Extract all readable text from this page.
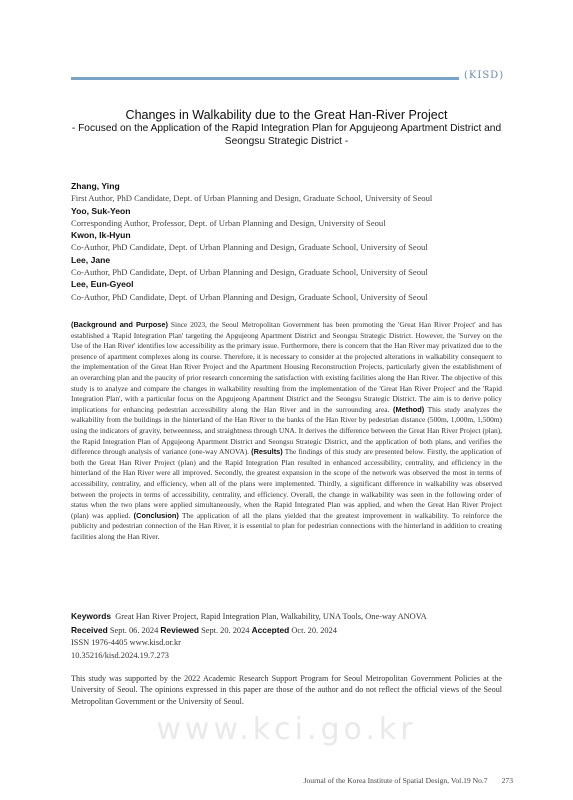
(KISD)
Changes in Walkability due to the Great Han-River Project
- Focused on the Application of the Rapid Integration Plan for Apgujeong Apartment District and Seongsu Strategic District -
Zhang, Ying
First Author, PhD Candidate, Dept. of Urban Planning and Design, Graduate School, University of Seoul
Yoo, Suk-Yeon
Corresponding Author, Professor, Dept. of Urban Planning and Design, University of Seoul
Kwon, Ik-Hyun
Co-Author, PhD Candidate, Dept. of Urban Planning and Design, Graduate School, University of Seoul
Lee, Jane
Co-Author, PhD Candidate, Dept. of Urban Planning and Design, Graduate School, University of Seoul
Lee, Eun-Gyeol
Co-Author, PhD Candidate, Dept. of Urban Planning and Design, Graduate School, University of Seoul
(Background and Purpose) Since 2023, the Seoul Metropolitan Government has been promoting the 'Great Han River Project' and has established a 'Rapid Integration Plan' targeting the Apgujeong Apartment District and Seongsu Strategic District. However, the 'Survey on the Use of the Han River' identifies low accessibility as the primary issue. Furthermore, there is concern that the Han River may privatized due to the presence of apartment complexes along its course. Therefore, it is necessary to consider at the projected alterations in walkability consequent to the implementation of the Great Han River Project and the Apartment Housing Reconstruction Projects, particularly given the establishment of an overarching plan and the paucity of prior research concerning the satisfaction with existing facilities along the Han River. The objective of this study is to analyze and compare the changes in walkability resulting from the implementation of the 'Great Han River Project' and the 'Rapid Integration Plan', with a particular focus on the Apgujeong Apartment District and the Seongsu Strategic District. The aim is to derive policy implications for enhancing pedestrian accessibility along the Han River and in the surrounding area. (Method) This study analyzes the walkability from the buildings in the hinterland of the Han River to the banks of the Han River by pedestrian distance (500m, 1,000m, 1,500m) using the indicators of gravity, betweenness, and straightness through UNA. It derives the difference between the Great Han River Project (plan), the Rapid Integration Plan of Apgujeong Apartment District and Seongsu Strategic District, and the application of both plans, and verifies the difference through analysis of variance (one-way ANOVA). (Results) The findings of this study are presented below. Firstly, the application of both the Great Han River Project (plan) and the Rapid Integration Plan resulted in enhanced accessibility, centrality, and efficiency in the hinterland of the Han River were all improved. Secondly, the greatest expansion in the scope of the network was observed the most in terms of accessibility, centrality, and efficiency, when all of the plans were implemented. Thirdly, a significant difference in walkability was observed between the projects in terms of accessibility, centrality, and efficiency. Overall, the change in walkability was seen in the following order of status when the two plans were applied simultaneously, when the Rapid Integrated Plan was applied, and when the Great Han River Project (plan) was applied. (Conclusion) The application of all the plans yielded that the greatest improvement in walkability. To reinforce the publicity and pedestrian connection of the Han River, it is essential to plan for pedestrian connections with the hinterland in addition to creating facilities along the Han River.
Keywords Great Han River Project, Rapid Integration Plan, Walkability, UNA Tools, One-way ANOVA
Received Sept. 06. 2024 Reviewed Sept. 20. 2024 Accepted Oct. 20. 2024
ISSN 1976-4405 www.kisd.or.kr
10.35216/kisd.2024.19.7.273
This study was supported by the 2022 Academic Research Support Program for Seoul Metropolitan Government Policies at the University of Seoul. The opinions expressed in this paper are those of the author and do not reflect the official views of the Seoul Metropolitan Government or the University of Seoul.
www.kci.go.kr
Journal of the Korea Institute of Spatial Design, Vol.19 No.7 273
